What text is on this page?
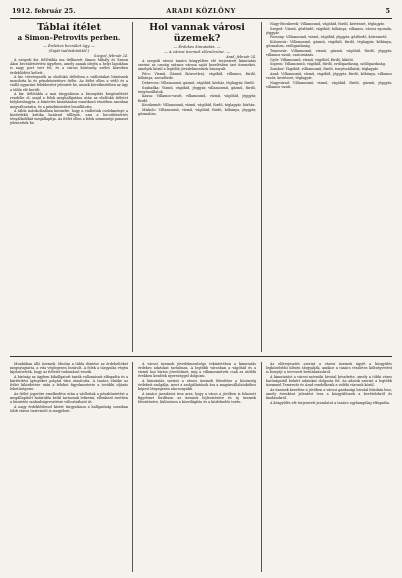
1912. február 25.	ARADI KÖZLÖNY	5
Táblai ítélet
a Simon–Petrovits perben.
— Érdekes becsület ügy. —
(Saját tudósítónktól.)
Szeged, február 24.

A szegedi kir. ítélőtábla ma ítélkezett Simon Mihály és Simon Ákos becsületsértési ügyében, amely annak idején a helyi lapokban is nagy port vert fel, és a városi közönség széles köreiben érdeklődést keltett.

A kir. törvényszék az elsőfokú ítéletben a vádlottakat bűnösnek mondotta ki és pénzbüntetésre ítélte. Az ítélet ellen a védő és a vádló egyaránt felebbezést jelentett be, minek következtében az ügy a tábla elé került.

A kir. ítélőtábla a mai tárgyaláson a bizonyítás kiegészítését rendelte el, majd a felek meghallgatása után az elsőfokú ítéletet helybenhagyta, a büntetés kiszabására vonatkozó részében azonban megváltoztatta, és a pénzbüntetést leszállította.

A tábla indokolásában kiemelte, hogy a vádlottak cselekménye a közérdekű kritika határait túllépte, ami a becsületsértés tényálladékát megállapítja. Az ítélet ellen a felek semmiségi panaszt jelentettek be.

Hol vannak városi üzemek?
— Érdekes kimutatás. —
— A városi üzemek ellenőrzése. —
Arad, február 24.

A szegedi városi tanács közgyűlése elé terjesztett kimutatás szerint az ország számos városa saját kezelésben tart üzemeket, amelyek közül a legtöbb jövedelmezőnek bizonyult.

Pécs: Vízmű, Gázmű (közvetlen), vágóhíd, villamos, fürdő, kőbánya, szeszfőzde.

Debrecen: Villamosmű, gázmű, vágóhíd, kórház, téglagyár, fürdő.

Szabadka: Vízmű, vágóhíd, jéggyár, villamosmű, gázmű, fürdő, tenyészállatok.

Kassa: Villamos-vasút, villamosmű, vízmű, vágóhíd, jéggyár, fürdő.

Kecskemét: Villamosmű, vízmű, vágóhíd, fürdő, téglagyár, kórház.

Miskolc: Villamosmű, vízmű, vágóhíd, fürdő, kőbánya, jéggyár, gőzmalom.

Nagy-Becskerek: Villamosmű, vágóhíd, fürdő, kertészet, téglagyár.

Szeged: Vízmű, gőzfürdő, vágóhíd, kőbánya, villamos, városi nyomda, jéggyár.

Pozsony: Villamosmű, vízmű, vágóhíd, jéggyár, gőzfürdő, köztemető.

Kolozsvár: Villamosmű, gázmű, vágóhíd, fürdő, téglagyár, kőbánya, gőzmalom, erdőgazdaság.

Temesvár: Villamosmű, vízmű, gázmű, vágóhíd, fürdő, jéggyár, villamos vasút, csatornázás.

Győr: Villamosmű, vízmű, vágóhíd, fürdő, kikötő.

Sopron: Villamosmű, vágóhíd, fürdő, erdőgazdaság, szőlőgazdaság.

Zombor: Vágóhíd, villamosmű, fürdő, tenyészállatok, téglagyár.

Arad: Villamosmű, vízmű, vágóhíd, jéggyár, fürdő, kőbánya, villamos vasút, kertészet, téglagyár.

Nagyvárad: Villamosmű, vízmű, vágóhíd, fürdő, gázmű, jéggyár, villamos vasút.

Munkában álló üzemek. Miután a tábla döntése az érdekelteket megnyugtatta, a vita véglegesen lezárult. A felek a tárgyalás végén kijelentették, hogy az ítéletet tudomásul veszik.

A bíróság az ügyben kihallgatott tanúk vallomásait elfogadta és a kártérítési igényeket polgári útra utasította. A tanács elnöke az ítélet kihirdetése után a feleket figyelmeztette a további eljárás lehetőségeire.

Az ítélet jogerőre emelkedése után a vádlottak a pénzbüntetést a megállapított határidőn belül tartoznak lefizetni, ellenkező esetben a büntetés szabadságvesztésre változtatható át.

A nagy érdeklődéssel kísért tárgyaláson a hallgatóság soraiban több városi tisztviselő is megjelent.

A városi üzemek jövedelmezősége tekintetében a kimutatás érdekes adatokat tartalmaz. A legtöbb városban a vágóhíd és a vízmű hoz biztos jövedelmet, míg a villamosművek csak az utóbbi években kezdtek nyereséggel dolgozni.

A kimutatás szerint a városi üzemek létesítése a közönség érdekeit szolgálja, mert a szolgáltatások ára a magánvállalatokéhoz képest lényegesen alacsonyabb.

A tanács javaslatot tesz arra, hogy a város a jövőben is fokozott figyelmet fordítson az üzemek fejlesztésére és új üzemek létesítésére, különösen a közvilágítás és a közlekedés terén.

Az előterjesztés szerint a városi üzemek ügyét a közgyűlés legközelebbi ülésén tárgyalják, amikor a tanács részletes költségvetést is benyújt a tervezett beruházásokról.

A kimutatást a városi mérnöki hivatal készítette, amely a többi város hatóságaitól bekért adatokat dolgozta fel. Az adatok szerint a legtöbb üzemmel Temesvár és Arad rendelkezik a vidéki városok közül.

Az üzemek kezelése a jövőben a városi gazdasági hivatal feladata lesz, amely évenként jelentést tesz a közgyűlésnek a bevételekről és kiadásokról.

A közgyűlés elé terjesztett javaslatot a tanács egyhangúlag elfogadta.
